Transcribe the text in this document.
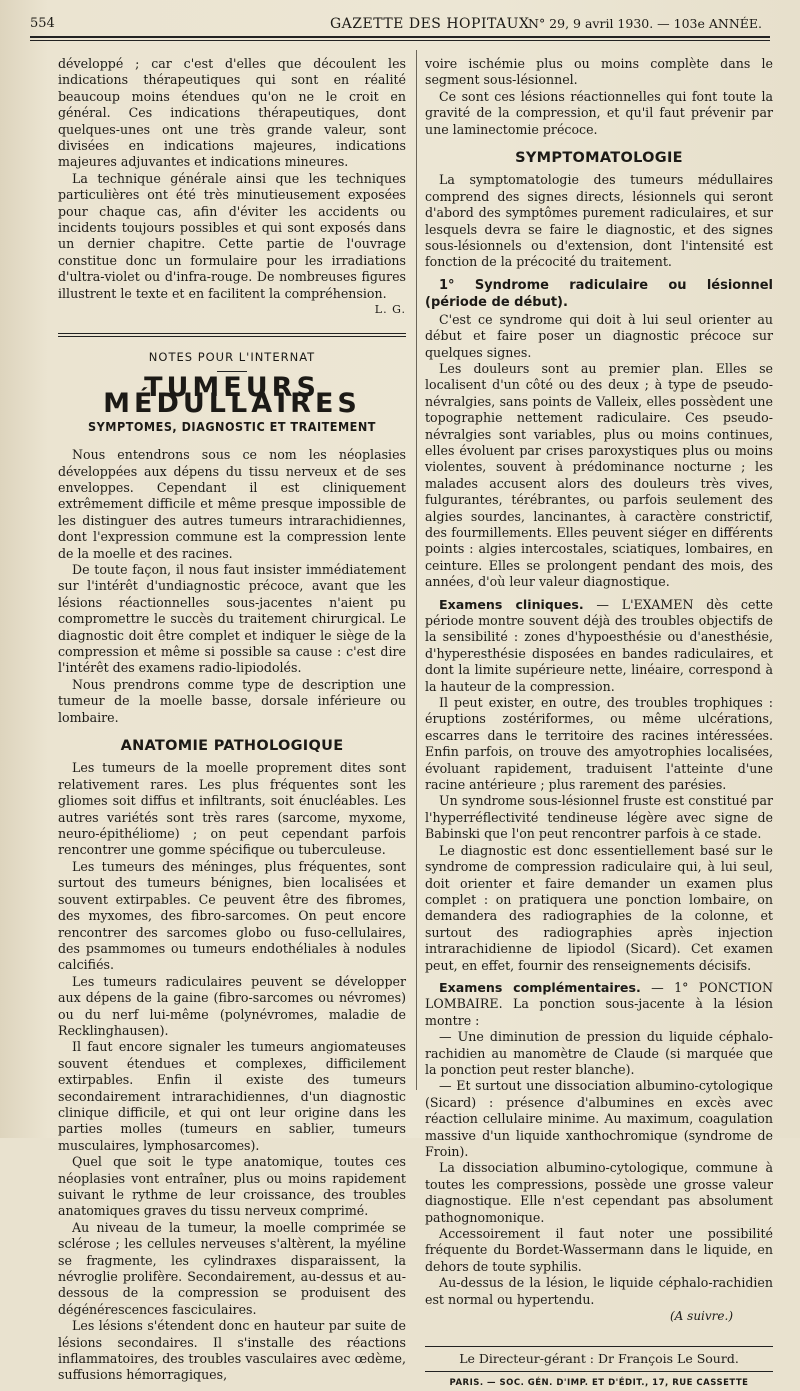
554	GAZETTE DES HOPITAUX
N° 29, 9 avril 1930. — 103e ANNÉE.

développé ; car c'est d'elles que découlent les indications thérapeutiques qui sont en réalité beaucoup moins étendues qu'on ne le croit en général. Ces indications thérapeutiques, dont quelques-unes ont une très grande valeur, sont divisées en indications majeures, indications majeures adjuvantes et indications mineures.

La technique générale ainsi que les techniques particulières ont été très minutieusement exposées pour chaque cas, afin d'éviter les accidents ou incidents toujours possibles et qui sont exposés dans un dernier chapitre. Cette partie de l'ouvrage constitue donc un formulaire pour les irradiations d'ultra-violet ou d'infra-rouge. De nombreuses figures illustrent le texte et en facilitent la compréhension.

L. G.
NOTES POUR L'INTERNAT
TUMEURS MÉDULLAIRES
SYMPTOMES, DIAGNOSTIC ET TRAITEMENT

Nous entendrons sous ce nom les néoplasies développées aux dépens du tissu nerveux et de ses enveloppes. Cependant il est cliniquement extrêmement difficile et même presque impossible de les distinguer des autres tumeurs intrarachidiennes, dont l'expression commune est la compression lente de la moelle et des racines.

De toute façon, il nous faut insister immédiatement sur l'intérêt d'undiagnostic précoce, avant que les lésions réactionnelles sous-jacentes n'aient pu compromettre le succès du traitement chirurgical. Le diagnostic doit être complet et indiquer le siège de la compression et même si possible sa cause : c'est dire l'intérêt des examens radio-lipiodolés.

Nous prendrons comme type de description une tumeur de la moelle basse, dorsale inférieure ou lombaire.

ANATOMIE PATHOLOGIQUE

Les tumeurs de la moelle proprement dites sont relativement rares. Les plus fréquentes sont les gliomes soit diffus et infiltrants, soit énucléables. Les autres variétés sont très rares (sarcome, myxome, neuro-épithéliome) ; on peut cependant parfois rencontrer une gomme spécifique ou tuberculeuse.

Les tumeurs des méninges, plus fréquentes, sont surtout des tumeurs bénignes, bien localisées et souvent extirpables. Ce peuvent être des fibromes, des myxomes, des fibro-sarcomes. On peut encore rencontrer des sarcomes globo ou fuso-cellulaires, des psammomes ou tumeurs endothéliales à nodules calcifiés.

Les tumeurs radiculaires peuvent se développer aux dépens de la gaine (fibro-sarcomes ou névromes) ou du nerf lui-même (polynévromes, maladie de Recklinghausen).

Il faut encore signaler les tumeurs angiomateuses souvent étendues et complexes, difficilement extirpables. Enfin il existe des tumeurs secondairement intrarachidiennes, d'un diagnostic clinique difficile, et qui ont leur origine dans les parties molles (tumeurs en sablier, tumeurs musculaires, lymphosarcomes).

Quel que soit le type anatomique, toutes ces néoplasies vont entraîner, plus ou moins rapidement suivant le rythme de leur croissance, des troubles anatomiques graves du tissu nerveux comprimé.

Au niveau de la tumeur, la moelle comprimée se sclérose ; les cellules nerveuses s'altèrent, la myéline se fragmente, les cylindraxes disparaissent, la névroglie prolifère. Secondairement, au-dessus et au-dessous de la compression se produisent des dégénérescences fasciculaires.

Les lésions s'étendent donc en hauteur par suite de lésions secondaires. Il s'installe des réactions inflammatoires, des troubles vasculaires avec œdème, suffusions hémorragiques,

voire ischémie plus ou moins complète dans le segment sous-lésionnel.

Ce sont ces lésions réactionnelles qui font toute la gravité de la compression, et qu'il faut prévenir par une laminectomie précoce.

SYMPTOMATOLOGIE

La symptomatologie des tumeurs médullaires comprend des signes directs, lésionnels qui seront d'abord des symptômes purement radiculaires, et sur lesquels devra se faire le diagnostic, et des signes sous-lésionnels ou d'extension, dont l'intensité est fonction de la précocité du traitement.

1° Syndrome radiculaire ou lésionnel (période de début).

C'est ce syndrome qui doit à lui seul orienter au début et faire poser un diagnostic précoce sur quelques signes.

Les douleurs sont au premier plan. Elles se localisent d'un côté ou des deux ; à type de pseudo-névralgies, sans points de Valleix, elles possèdent une topographie nettement radiculaire. Ces pseudo-névralgies sont variables, plus ou moins continues, elles évoluent par crises paroxystiques plus ou moins violentes, souvent à prédominance nocturne ; les malades accusent alors des douleurs très vives, fulgurantes, térébrantes, ou parfois seulement des algies sourdes, lancinantes, à caractère constrictif, des fourmillements. Elles peuvent siéger en différents points : algies intercostales, sciatiques, lombaires, en ceinture. Elles se prolongent pendant des mois, des années, d'où leur valeur diagnostique.

Examens cliniques. — L'EXAMEN dès cette période montre souvent déjà des troubles objectifs de la sensibilité : zones d'hypoesthésie ou d'anesthésie, d'hyperesthésie disposées en bandes radiculaires, et dont la limite supérieure nette, linéaire, correspond à la hauteur de la compression.

Il peut exister, en outre, des troubles trophiques : éruptions zostériformes, ou même ulcérations, escarres dans le territoire des racines intéressées. Enfin parfois, on trouve des amyotrophies localisées, évoluant rapidement, traduisent l'atteinte d'une racine antérieure ; plus rarement des parésies.

Un syndrome sous-lésionnel fruste est constitué par l'hyperréflectivité tendineuse légère avec signe de Babinski que l'on peut rencontrer parfois à ce stade.

Le diagnostic est donc essentiellement basé sur le syndrome de compression radiculaire qui, à lui seul, doit orienter et faire demander un examen plus complet : on pratiquera une ponction lombaire, on demandera des radiographies de la colonne, et surtout des radiographies après injection intrarachidienne de lipiodol (Sicard). Cet examen peut, en effet, fournir des renseignements décisifs.

Examens complémentaires. — 1° PONCTION LOMBAIRE. La ponction sous-jacente à la lésion montre :

— Une diminution de pression du liquide céphalo-rachidien au manomètre de Claude (si marquée que la ponction peut rester blanche).

— Et surtout une dissociation albumino-cytologique (Sicard) : présence d'albumines en excès avec réaction cellulaire minime. Au maximum, coagulation massive d'un liquide xanthochromique (syndrome de Froin).

La dissociation albumino-cytologique, commune à toutes les compressions, possède une grosse valeur diagnostique. Elle n'est cependant pas absolument pathognomonique.

Accessoirement il faut noter une possibilité fréquente du Bordet-Wassermann dans le liquide, en dehors de toute syphilis.

Au-dessus de la lésion, le liquide céphalo-rachidien est normal ou hypertendu.

(A suivre.)
Le Directeur-gérant : Dr François Le Sourd.
PARIS. — SOC. GÉN. D'IMP. ET D'ÉDIT., 17, RUE CASSETTE
